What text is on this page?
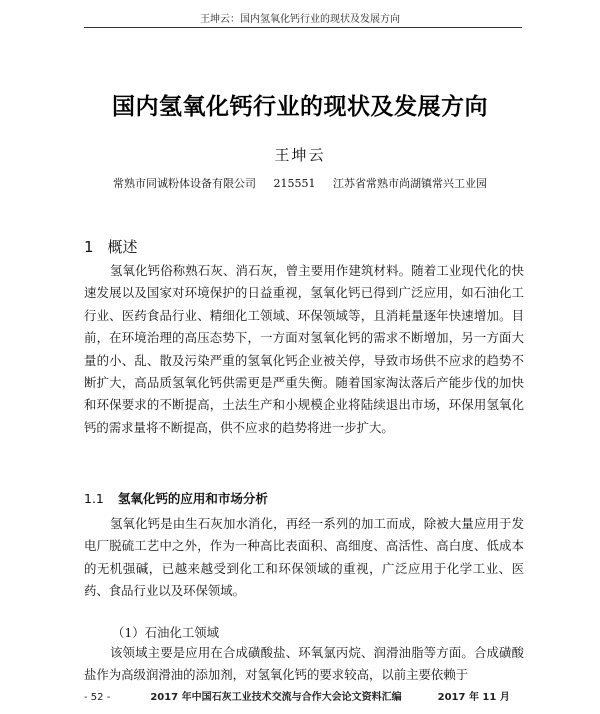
王坤云：国内氢氧化钙行业的现状及发展方向
国内氢氧化钙行业的现状及发展方向
王坤云
常熟市同诚粉体设备有限公司 215551 江苏省常熟市尚湖镇常兴工业园
1 概述

氢氧化钙俗称熟石灰、消石灰，曾主要用作建筑材料。随着工业现代化的快速发展以及国家对环境保护的日益重视，氢氧化钙已得到广泛应用，如石油化工行业、医药食品行业、精细化工领域、环保领域等，且消耗量逐年快速增加。目前，在环境治理的高压态势下，一方面对氢氧化钙的需求不断增加，另一方面大量的小、乱、散及污染严重的氢氧化钙企业被关停，导致市场供不应求的趋势不断扩大，高品质氢氧化钙供需更是严重失衡。随着国家淘汰落后产能步伐的加快和环保要求的不断提高，土法生产和小规模企业将陆续退出市场，环保用氢氧化钙的需求量将不断提高，供不应求的趋势将进一步扩大。

1.1 氢氧化钙的应用和市场分析

氢氧化钙是由生石灰加水消化，再经一系列的加工而成，除被大量应用于发电厂脱硫工艺中之外，作为一种高比表面积、高细度、高活性、高白度、低成本的无机强碱，已越来越受到化工和环保领域的重视，广泛应用于化学工业、医药、食品行业以及环保领域。

（1）石油化工领域

该领域主要是应用在合成磺酸盐、环氧氯丙烷、润滑油脂等方面。合成磺酸盐作为高级润滑油的添加剂，对氢氧化钙的要求较高，以前主要依赖于

- 52 -	2017 年中国石灰工业技术交流与合作大会论文资料汇编	2017 年 11 月
